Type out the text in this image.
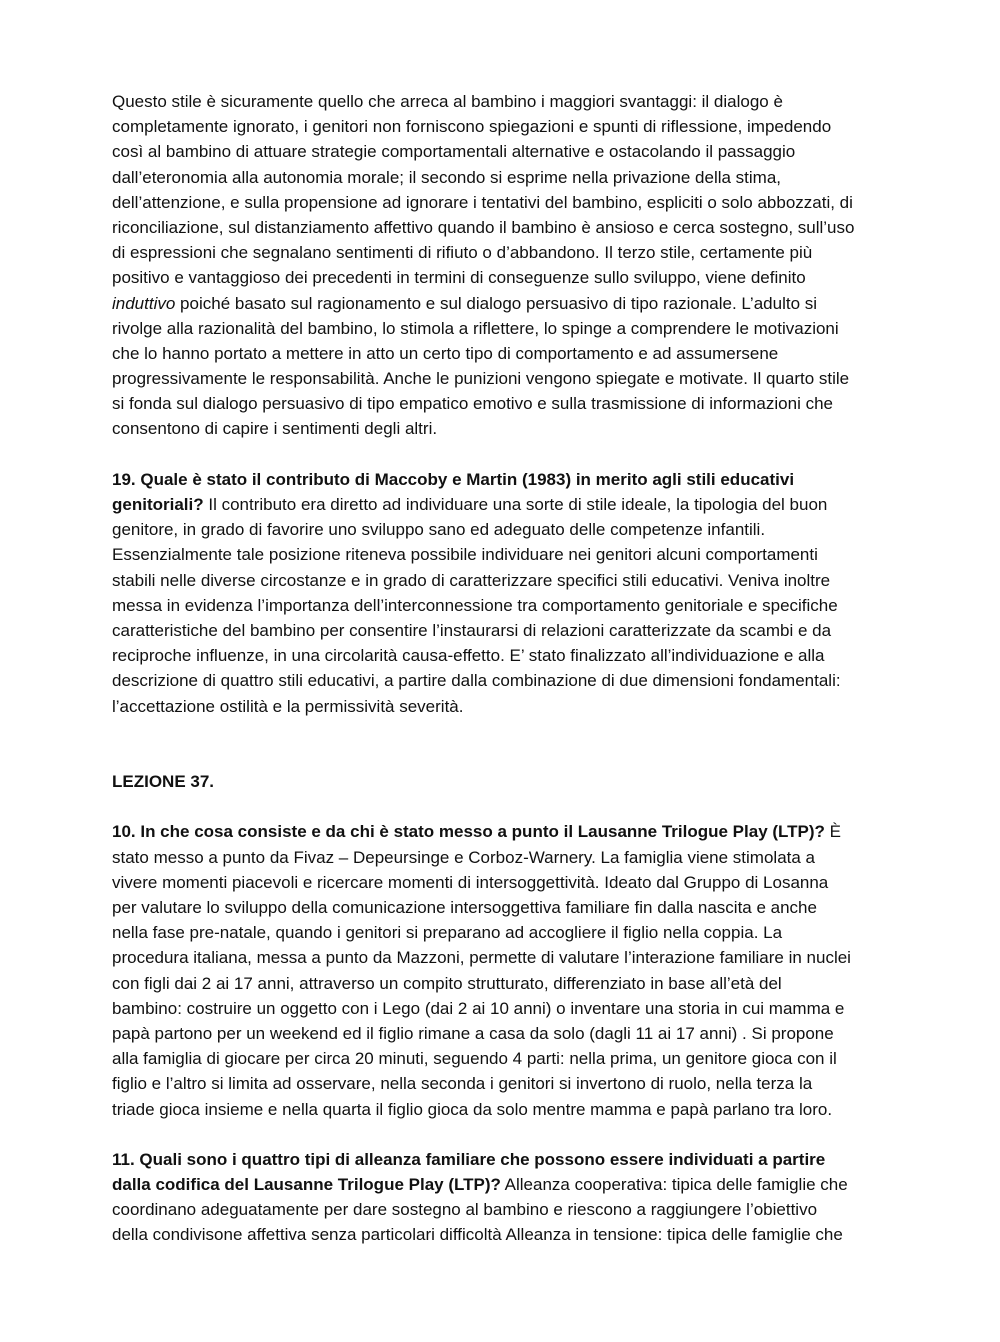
Questo stile è sicuramente quello che arreca al bambino i maggiori svantaggi: il dialogo è
completamente ignorato, i genitori non forniscono spiegazioni e spunti di riflessione, impedendo
così al bambino di attuare strategie comportamentali alternative e ostacolando il passaggio
dall’eteronomia alla autonomia morale; il secondo si esprime nella privazione della stima,
dell’attenzione, e sulla propensione ad ignorare i tentativi del bambino, espliciti o solo abbozzati, di
riconciliazione, sul distanziamento affettivo quando il bambino è ansioso e cerca sostegno, sull’uso
di espressioni che segnalano sentimenti di rifiuto o d’abbandono. Il terzo stile, certamente più
positivo e vantaggioso dei precedenti in termini di conseguenze sullo sviluppo, viene definito
induttivo poiché basato sul ragionamento e sul dialogo persuasivo di tipo razionale. L’adulto si
rivolge alla razionalità del bambino, lo stimola a riflettere, lo spinge a comprendere le motivazioni
che lo hanno portato a mettere in atto un certo tipo di comportamento e ad assumersene
progressivamente le responsabilità. Anche le punizioni vengono spiegate e motivate. Il quarto stile
si fonda sul dialogo persuasivo di tipo empatico emotivo e sulla trasmissione di informazioni che
consentono di capire i sentimenti degli altri.
19. Quale è stato il contributo di Maccoby e Martin (1983) in merito agli stili educativi
genitoriali? Il contributo era diretto ad individuare una sorte di stile ideale, la tipologia del buon
genitore, in grado di favorire uno sviluppo sano ed adeguato delle competenze infantili.
Essenzialmente tale posizione riteneva possibile individuare nei genitori alcuni comportamenti
stabili nelle diverse circostanze e in grado di caratterizzare specifici stili educativi. Veniva inoltre
messa in evidenza l’importanza dell’interconnessione tra comportamento genitoriale e specifiche
caratteristiche del bambino per consentire l’instaurarsi di relazioni caratterizzate da scambi e da
reciproche influenze, in una circolarità causa-effetto. E’ stato finalizzato all’individuazione e alla
descrizione di quattro stili educativi, a partire dalla combinazione di due dimensioni fondamentali:
l’accettazione ostilità e la permissività severità.
LEZIONE 37.
10. In che cosa consiste e da chi è stato messo a punto il Lausanne Trilogue Play (LTP)? È
stato messo a punto da Fivaz – Depeursinge e Corboz-Warnery. La famiglia viene stimolata a
vivere momenti piacevoli e ricercare momenti di intersoggettività. Ideato dal Gruppo di Losanna
per valutare lo sviluppo della comunicazione intersoggettiva familiare fin dalla nascita e anche
nella fase pre-natale, quando i genitori si preparano ad accogliere il figlio nella coppia. La
procedura italiana, messa a punto da Mazzoni, permette di valutare l’interazione familiare in nuclei
con figli dai 2 ai 17 anni, attraverso un compito strutturato, differenziato in base all’età del
bambino: costruire un oggetto con i Lego (dai 2 ai 10 anni) o inventare una storia in cui mamma e
papà partono per un weekend ed il figlio rimane a casa da solo (dagli 11 ai 17 anni) . Si propone
alla famiglia di giocare per circa 20 minuti, seguendo 4 parti: nella prima, un genitore gioca con il
figlio e l’altro si limita ad osservare, nella seconda i genitori si invertono di ruolo, nella terza la
triade gioca insieme e nella quarta il figlio gioca da solo mentre mamma e papà parlano tra loro.
11. Quali sono i quattro tipi di alleanza familiare che possono essere individuati a partire
dalla codifica del Lausanne Trilogue Play (LTP)? Alleanza cooperativa: tipica delle famiglie che
coordinano adeguatamente per dare sostegno al bambino e riescono a raggiungere l’obiettivo
della condivisone affettiva senza particolari difficoltà Alleanza in tensione: tipica delle famiglie che
